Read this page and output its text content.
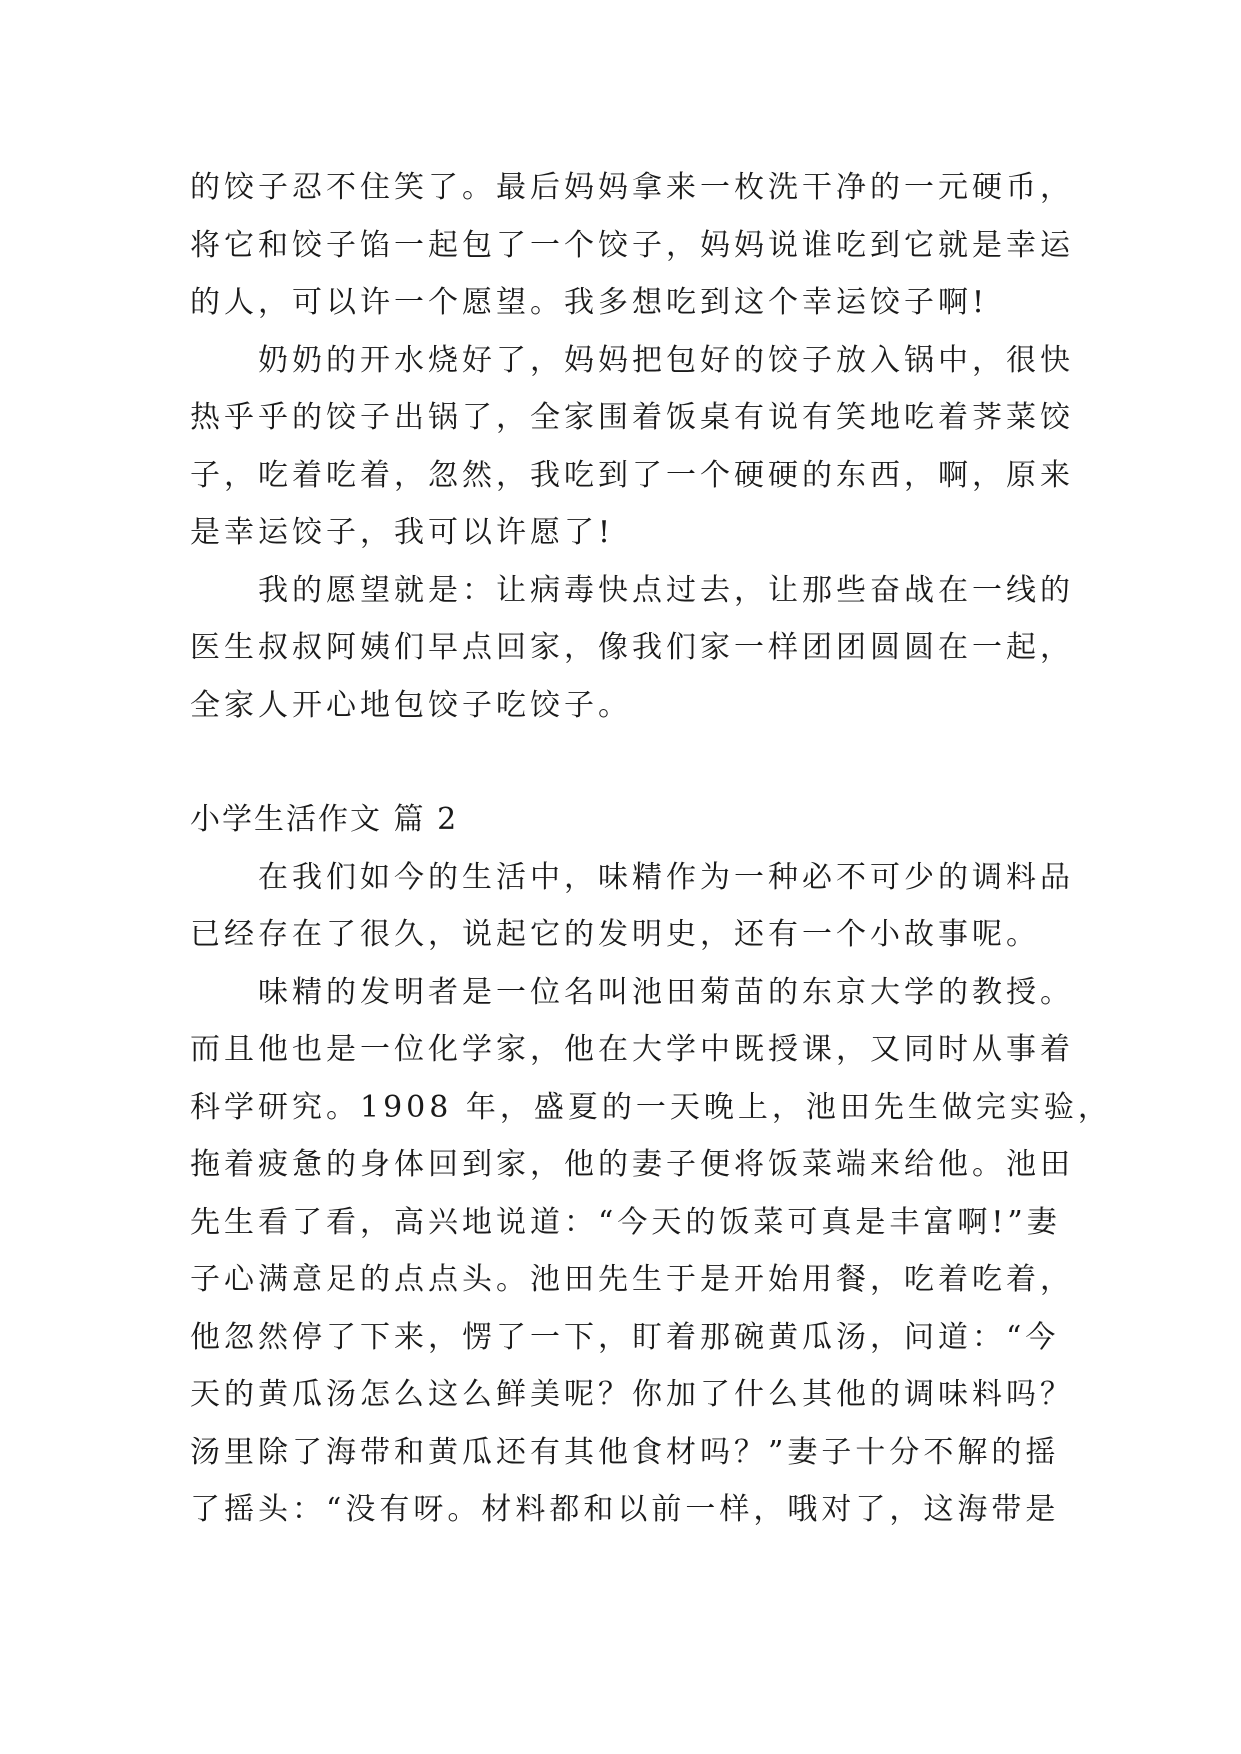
的饺子忍不住笑了。最后妈妈拿来一枚洗干净的一元硬币，
将它和饺子馅一起包了一个饺子，妈妈说谁吃到它就是幸运
的人，可以许一个愿望。我多想吃到这个幸运饺子啊!
　　奶奶的开水烧好了，妈妈把包好的饺子放入锅中，很快
热乎乎的饺子出锅了，全家围着饭桌有说有笑地吃着荠菜饺
子，吃着吃着，忽然，我吃到了一个硬硬的东西，啊，原来
是幸运饺子，我可以许愿了!
　　我的愿望就是：让病毒快点过去，让那些奋战在一线的
医生叔叔阿姨们早点回家，像我们家一样团团圆圆在一起，
全家人开心地包饺子吃饺子。
小学生活作文 篇 2
　　在我们如今的生活中，味精作为一种必不可少的调料品
已经存在了很久，说起它的发明史，还有一个小故事呢。
　　味精的发明者是一位名叫池田菊苗的东京大学的教授。
而且他也是一位化学家，他在大学中既授课，又同时从事着
科学研究。1908 年，盛夏的一天晚上，池田先生做完实验，
拖着疲惫的身体回到家，他的妻子便将饭菜端来给他。池田
先生看了看，高兴地说道：“今天的饭菜可真是丰富啊!”妻
子心满意足的点点头。池田先生于是开始用餐，吃着吃着，
他忽然停了下来，愣了一下，盯着那碗黄瓜汤，问道：“今
天的黄瓜汤怎么这么鲜美呢？你加了什么其他的调味料吗？
汤里除了海带和黄瓜还有其他食材吗？”妻子十分不解的摇
了摇头：“没有呀。材料都和以前一样，哦对了，这海带是
